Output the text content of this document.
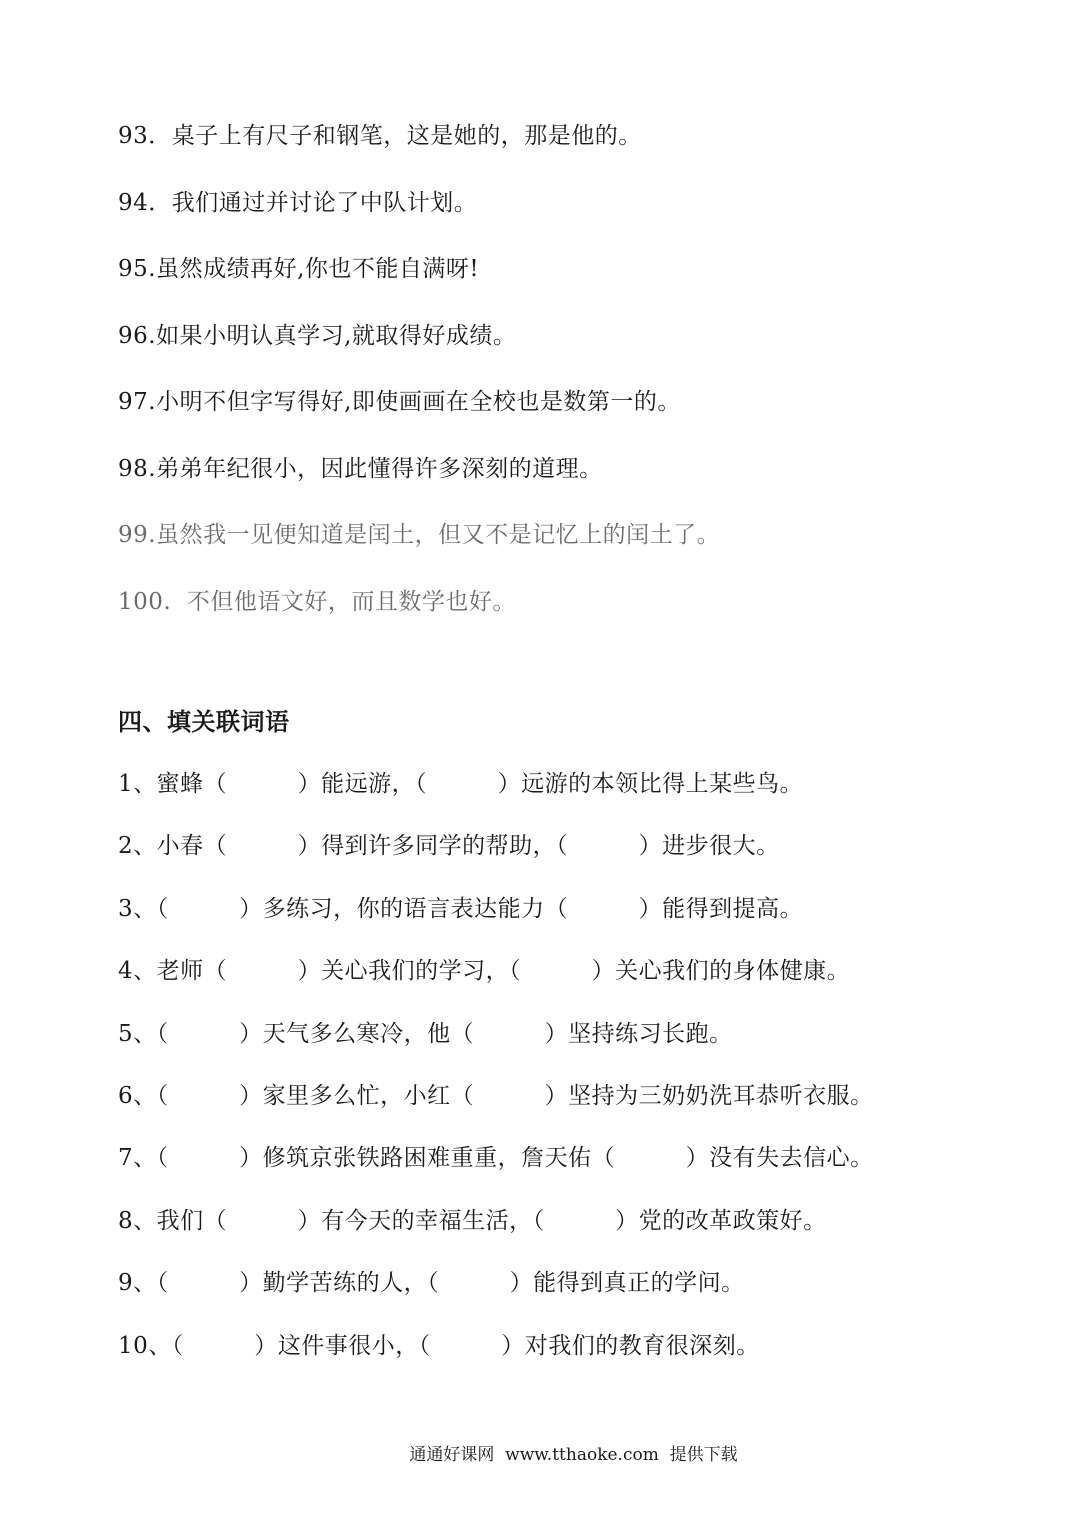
93．桌子上有尺子和钢笔，这是她的，那是他的。
94．我们通过并讨论了中队计划。
95.虽然成绩再好,你也不能自满呀!
96.如果小明认真学习,就取得好成绩。
97.小明不但字写得好,即使画画在全校也是数第一的。
98.弟弟年纪很小，因此懂得许多深刻的道理。
99.虽然我一见便知道是闰土，但又不是记忆上的闰土了。
100.  不但他语文好，而且数学也好。
四、填关联词语
1、蜜蜂（　　　）能远游，（　　　）远游的本领比得上某些鸟。
2、小春（　　　）得到许多同学的帮助，（　　　）进步很大。
3、（　　　）多练习，你的语言表达能力（　　　）能得到提高。
4、老师（　　　）关心我们的学习，（　　　）关心我们的身体健康。
5、（　　　）天气多么寒冷，他（　　　）坚持练习长跑。
6、（　　　）家里多么忙，小红（　　　）坚持为三奶奶洗耳恭听衣服。
7、（　　　）修筑京张铁路困难重重，詹天佑（　　　）没有失去信心。
8、我们（　　　）有今天的幸福生活，（　　　）党的改革政策好。
9、（　　　）勤学苦练的人，（　　　）能得到真正的学问。
10、（　　　）这件事很小，（　　　）对我们的教育很深刻。
通通好课网  www.tthaoke.com  提供下载
